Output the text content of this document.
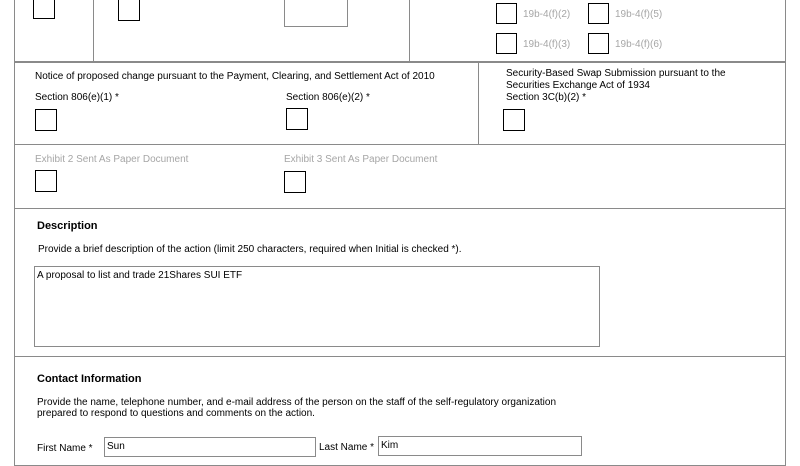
19b-4(f)(2)	19b-4(f)(5)
19b-4(f)(3)	19b-4(f)(6)
Notice of proposed change pursuant to the Payment, Clearing, and Settlement Act of 2010
Section 806(e)(1) *	Section 806(e)(2) *
Security-Based Swap Submission pursuant to the
Securities Exchange Act of 1934
Section 3C(b)(2) *
Exhibit 2 Sent As Paper Document	Exhibit 3 Sent As Paper Document
Description
Provide a brief description of the action (limit 250 characters, required when Initial is checked *).
A proposal to list and trade 21Shares SUI ETF
Contact Information
Provide the name, telephone number, and e-mail address of the person on the staff of the self-regulatory organization
prepared to respond to questions and comments on the action.
First Name *	Sun	Last Name * Kim
